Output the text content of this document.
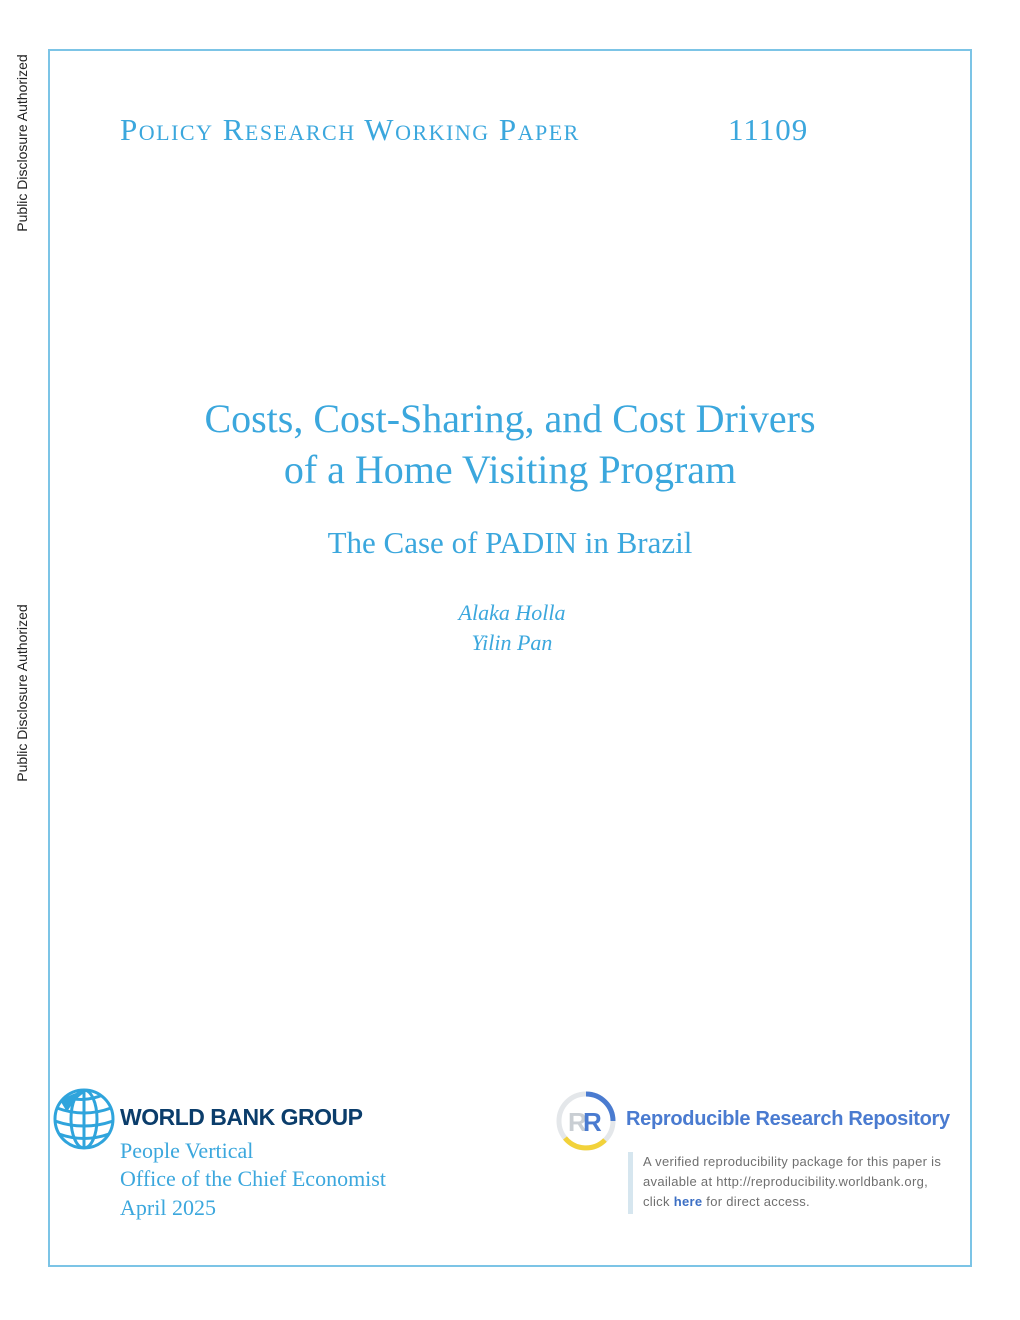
Public Disclosure Authorized
Public Disclosure Authorized
Policy Research Working Paper	11109
Costs, Cost-Sharing, and Cost Drivers
of a Home Visiting Program
The Case of PADIN in Brazil
Alaka Holla
Yilin Pan
WORLD BANK GROUP
People Vertical
Office of the Chief Economist
April 2025
R
R Reproducible Research Repository
A verified reproducibility package for this paper is
available at http://reproducibility.worldbank.org,
click here for direct access.
